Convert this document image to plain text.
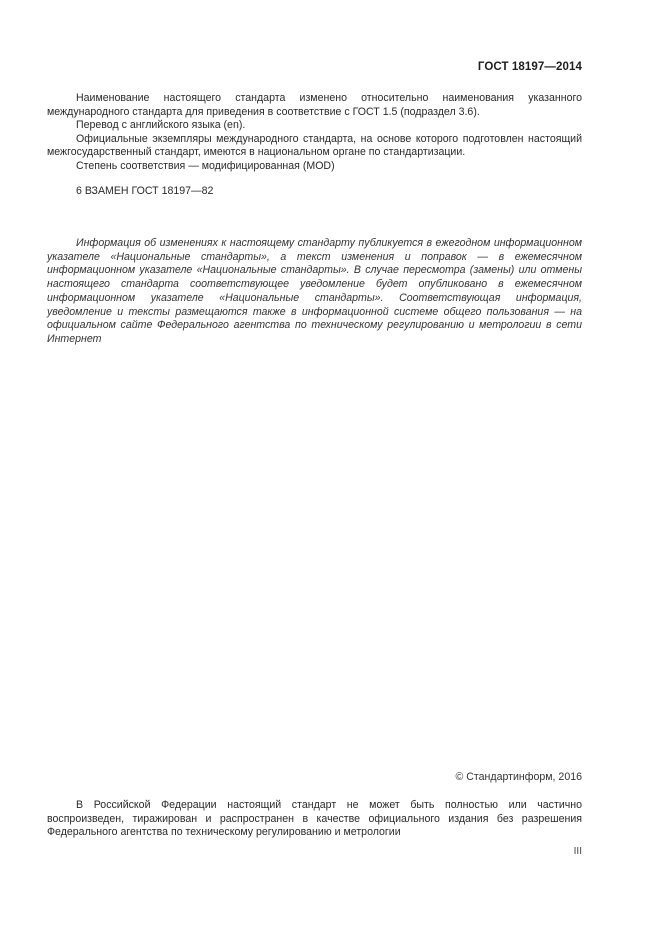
ГОСТ 18197—2014

Наименование настоящего стандарта изменено относительно наименования указанного международного стандарта для приведения в соответствие с ГОСТ 1.5 (подраздел 3.6).

Перевод с английского языка (en).

Официальные экземпляры международного стандарта, на основе которого подготовлен настоящий межгосударственный стандарт, имеются в национальном органе по стандартизации.

Степень соответствия — модифицированная (MOD)

6 ВЗАМЕН ГОСТ 18197—82

Информация об изменениях к настоящему стандарту публикуется в ежегодном информационном указателе «Национальные стандарты», а текст изменения и поправок — в ежемесячном информационном указателе «Национальные стандарты». В случае пересмотра (замены) или отмены настоящего стандарта соответствующее уведомление будет опубликовано в ежемесячном информационном указателе «Национальные стандарты». Соответствующая информация, уведомление и тексты размещаются также в информационной системе общего пользования — на официальном сайте Федерального агентства по техническому регулированию и метрологии в сети Интернет

© Стандартинформ, 2016

В Российской Федерации настоящий стандарт не может быть полностью или частично воспроизведен, тиражирован и распространен в качестве официального издания без разрешения Федерального агентства по техническому регулированию и метрологии

III
